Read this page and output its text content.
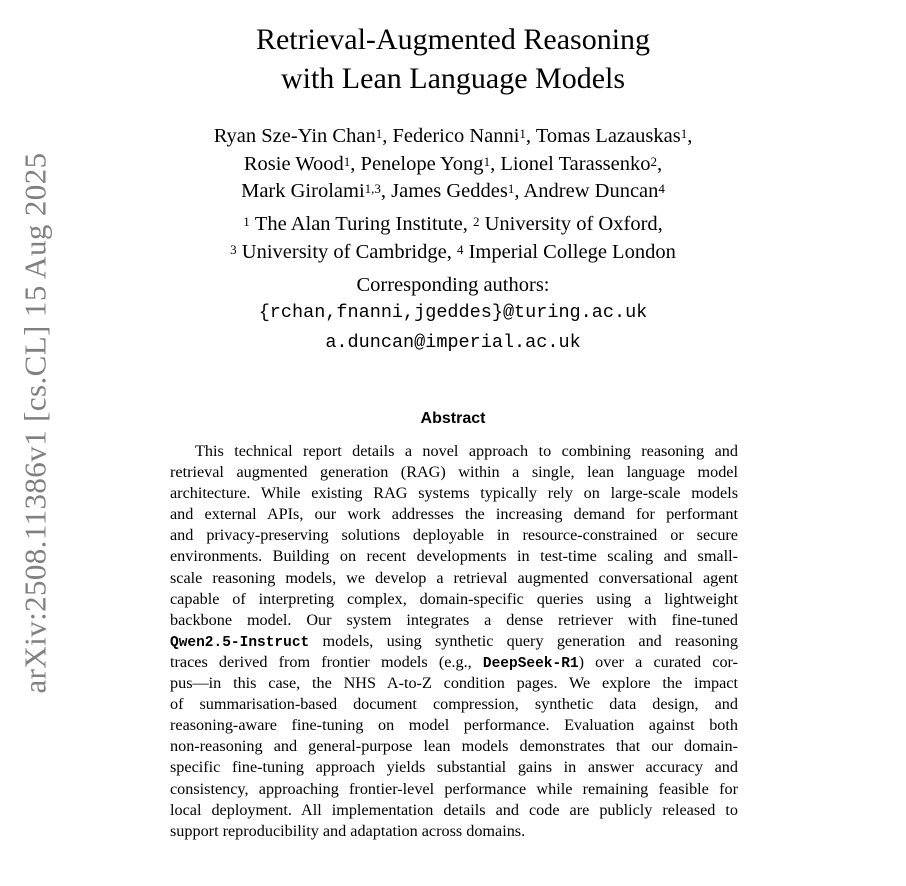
arXiv:2508.11386v1 [cs.CL] 15 Aug 2025
Retrieval-Augmented Reasoning
with Lean Language Models
Ryan Sze-Yin Chan$^1$, Federico Nanni$^1$, Tomas Lazauskas$^1$,
Rosie Wood$^1$, Penelope Yong$^1$, Lionel Tarassenko$^2$,
Mark Girolami$^{1,3}$, James Geddes$^1$, Andrew Duncan$^4$
$^1$ The Alan Turing Institute, $^2$ University of Oxford,
$^3$ University of Cambridge, $^4$ Imperial College London
Corresponding authors:
{rchan,fnanni,jgeddes}@turing.ac.uk
a.duncan@imperial.ac.uk
Abstract
This technical report details a novel approach to combining reasoning and
retrieval augmented generation (RAG) within a single, lean language model
architecture. While existing RAG systems typically rely on large-scale models
and external APIs, our work addresses the increasing demand for performant
and privacy-preserving solutions deployable in resource-constrained or secure
environments. Building on recent developments in test-time scaling and small-
scale reasoning models, we develop a retrieval augmented conversational agent
capable of interpreting complex, domain-specific queries using a lightweight
backbone model. Our system integrates a dense retriever with fine-tuned
Qwen2.5-Instruct models, using synthetic query generation and reasoning
traces derived from frontier models (e.g., DeepSeek-R1) over a curated cor-
pus—in this case, the NHS A-to-Z condition pages. We explore the impact
of summarisation-based document compression, synthetic data design, and
reasoning-aware fine-tuning on model performance. Evaluation against both
non-reasoning and general-purpose lean models demonstrates that our domain-
specific fine-tuning approach yields substantial gains in answer accuracy and
consistency, approaching frontier-level performance while remaining feasible for
local deployment. All implementation details and code are publicly released to
support reproducibility and adaptation across domains.
